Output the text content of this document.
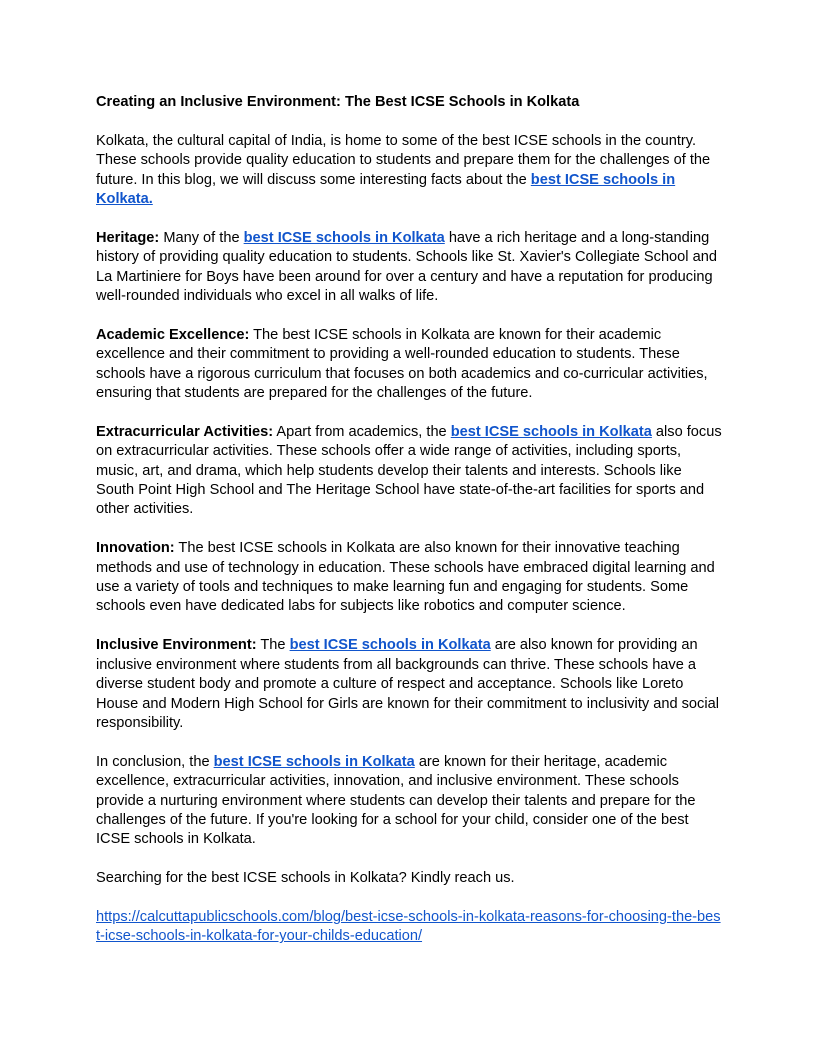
Creating an Inclusive Environment: The Best ICSE Schools in Kolkata

Kolkata, the cultural capital of India, is home to some of the best ICSE schools in the country. These schools provide quality education to students and prepare them for the challenges of the future. In this blog, we will discuss some interesting facts about the best ICSE schools in Kolkata.

Heritage: Many of the best ICSE schools in Kolkata have a rich heritage and a long-standing history of providing quality education to students. Schools like St. Xavier's Collegiate School and La Martiniere for Boys have been around for over a century and have a reputation for producing well-rounded individuals who excel in all walks of life.

Academic Excellence: The best ICSE schools in Kolkata are known for their academic excellence and their commitment to providing a well-rounded education to students. These schools have a rigorous curriculum that focuses on both academics and co-curricular activities, ensuring that students are prepared for the challenges of the future.

Extracurricular Activities: Apart from academics, the best ICSE schools in Kolkata also focus on extracurricular activities. These schools offer a wide range of activities, including sports, music, art, and drama, which help students develop their talents and interests. Schools like South Point High School and The Heritage School have state-of-the-art facilities for sports and other activities.

Innovation: The best ICSE schools in Kolkata are also known for their innovative teaching methods and use of technology in education. These schools have embraced digital learning and use a variety of tools and techniques to make learning fun and engaging for students. Some schools even have dedicated labs for subjects like robotics and computer science.

Inclusive Environment: The best ICSE schools in Kolkata are also known for providing an inclusive environment where students from all backgrounds can thrive. These schools have a diverse student body and promote a culture of respect and acceptance. Schools like Loreto House and Modern High School for Girls are known for their commitment to inclusivity and social responsibility.

In conclusion, the best ICSE schools in Kolkata are known for their heritage, academic excellence, extracurricular activities, innovation, and inclusive environment. These schools provide a nurturing environment where students can develop their talents and prepare for the challenges of the future. If you're looking for a school for your child, consider one of the best ICSE schools in Kolkata.

Searching for the best ICSE schools in Kolkata? Kindly reach us.

https://calcuttapublicschools.com/blog/best-icse-schools-in-kolkata-reasons-for-choosing-the-best-icse-schools-in-kolkata-for-your-childs-education/
